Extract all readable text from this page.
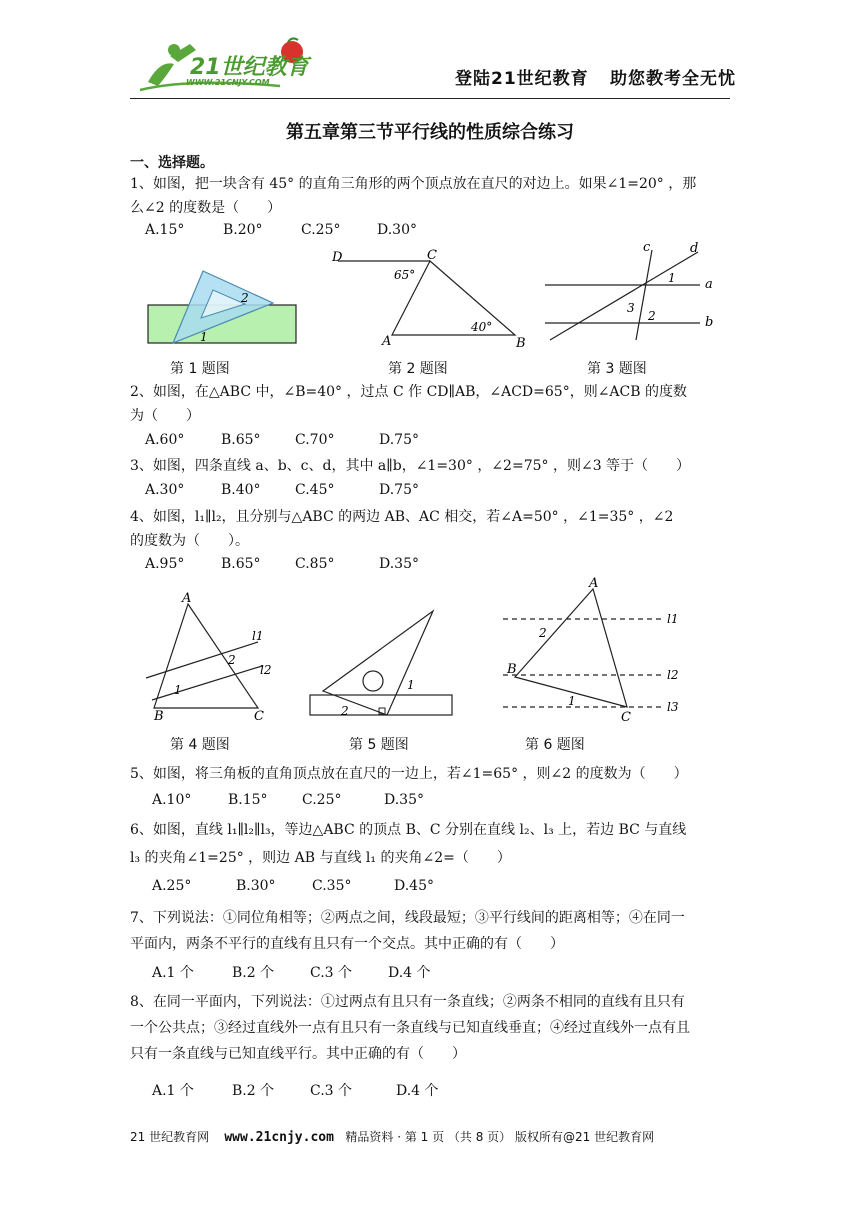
21世纪教育
WWW.21CNJY.COM	登陆21世纪教育 助您教考全无忧
第五章第三节平行线的性质综合练习
一、选择题。
1、如图，把一块含有 45° 的直角三角形的两个顶点放在直尺的对边上。如果∠1=20° ，那
么∠2 的度数是（　　）
A.15°	B.20°	C.25°	D.30°
2
1
D	C
65°
40°
A	B
c	d
a
b
1
2
3
第 1 题图	第 2 题图	第 3 题图
2、如图，在△ABC 中，∠B=40° ，过点 C 作 CD∥AB，∠ACD=65°，则∠ACB 的度数
为（　　）
A.60°	B.65° C.70°	D.75°
3、如图，四条直线 a、b、c、d，其中 a∥b，∠1=30° ，∠2=75° ，则∠3 等于（　　）
A.30°	B.40° C.45°	D.75°
4、如图，l₁∥l₂，且分别与△ABC 的两边 AB、AC 相交，若∠A=50° ，∠1=35° ，∠2
的度数为（　　）。
A.95°	B.65° C.85°	D.35°
A
B	C
1
2
l1
l2
1
2
A
B
C
1
2
l1
l2
l3
第 4 题图	第 5 题图	第 6 题图
5、如图，将三角板的直角顶点放在直尺的一边上，若∠1=65° ，则∠2 的度数为（　　）
A.10°	B.15° C.25°	D.35°
6、如图，直线 l₁∥l₂∥l₃，等边△ABC 的顶点 B、C 分别在直线 l₂、l₃ 上，若边 BC 与直线
l₃ 的夹角∠1=25° ，则边 AB 与直线 l₁ 的夹角∠2=（　　）
A.25°	B.30°	C.35°	D.45°
7、下列说法：①同位角相等；②两点之间，线段最短；③平行线间的距离相等；④在同一
平面内，两条不平行的直线有且只有一个交点。其中正确的有（　　）
A.1 个	B.2 个	C.3 个	D.4 个
8、在同一平面内，下列说法：①过两点有且只有一条直线；②两条不相同的直线有且只有
一个公共点；③经过直线外一点有且只有一条直线与已知直线垂直；④经过直线外一点有且
只有一条直线与已知直线平行。其中正确的有（　　）
A.1 个	B.2 个	C.3 个	D.4 个
21 世纪教育网 www.21cnjy.com 精品资料 · 第 1 页 （共 8 页） 版权所有@21 世纪教育网
